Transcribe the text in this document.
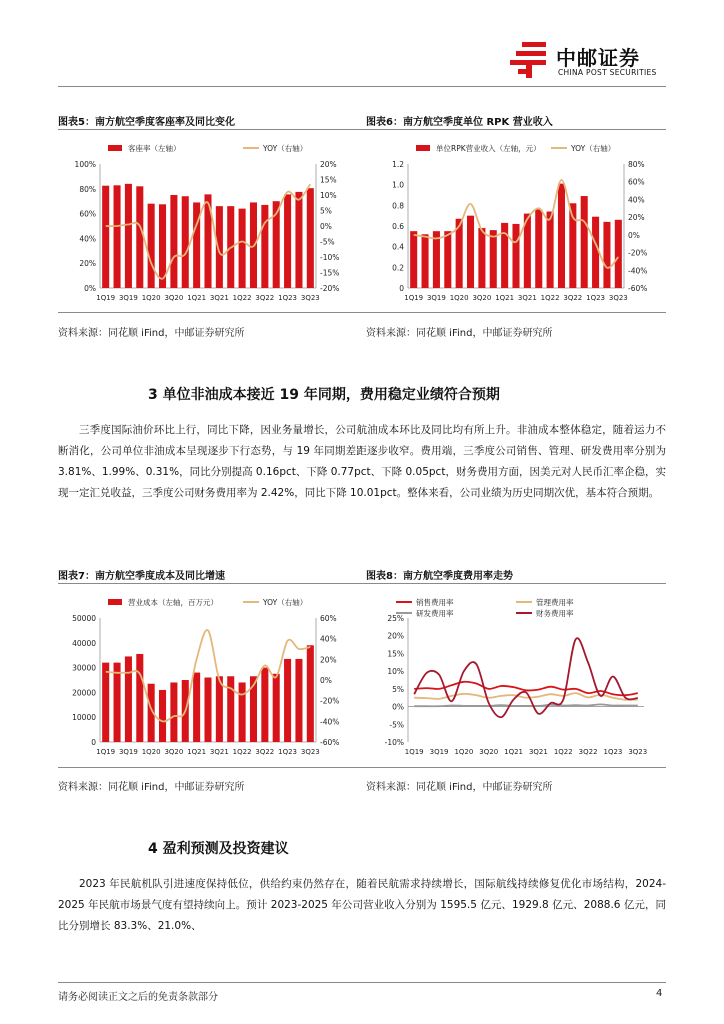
中邮证券
CHINA POST SECURITIES
图表5：南方航空季度客座率及同比变化	图表6：南方航空季度单位 RPK 营业收入
0%
20%
40%
60%
80%
100%
-20%
-15%
-10%
-5%
0%
5%
10%
15%
20%
1Q19 3Q19 1Q20 3Q20 1Q21 3Q21 1Q22 3Q22 1Q23 3Q23
客座率（左轴）	YOY（右轴）
0
0.2
0.4
0.6
0.8
1.0
1.2
-60%
-40%
-20%
0%
20%
40%
60%
80%
1Q19 3Q19 1Q20 3Q20 1Q21 3Q21 1Q22 3Q22 1Q23 3Q23
单位RPK营业收入（左轴，元）	YOY（右轴）
资料来源：同花顺 iFind，中邮证券研究所	资料来源：同花顺 iFind，中邮证券研究所
3 单位非油成本接近 19 年同期，费用稳定业绩符合预期

三季度国际油价环比上行，同比下降，因业务量增长，公司航油成本环比及同比均有所上升。非油成本整体稳定，随着运力不断消化，公司单位非油成本呈现逐步下行态势，与 19 年同期差距逐步收窄。费用端，三季度公司销售、管理、研发费用率分别为 3.81%、1.99%、0.31%，同比分别提高 0.16pct、下降 0.77pct、下降 0.05pct，财务费用方面，因美元对人民币汇率企稳，实现一定汇兑收益，三季度公司财务费用率为 2.42%，同比下降 10.01pct。整体来看，公司业绩为历史同期次优，基本符合预期。

图表7：南方航空季度成本及同比增速	图表8：南方航空季度费用率走势
0
10000
20000
30000
40000
50000
-60%
-40%
-20%
0%
20%
40%
60%
1Q19 3Q19 1Q20 3Q20 1Q21 3Q21 1Q22 3Q22 1Q23 3Q23
营业成本（左轴，百万元）	YOY（右轴）
-10%
-5%
0%
5%
10%
15%
20%
25%
1Q19 3Q19 1Q20 3Q20 1Q21 3Q21 1Q22 3Q22 1Q23 3Q23
销售费用率	管理费用率
研发费用率	财务费用率
资料来源：同花顺 iFind，中邮证券研究所	资料来源：同花顺 iFind，中邮证券研究所
4 盈利预测及投资建议

2023 年民航机队引进速度保持低位，供给约束仍然存在，随着民航需求持续增长，国际航线持续修复优化市场结构，2024-2025 年民航市场景气度有望持续向上。预计 2023-2025 年公司营业收入分别为 1595.5 亿元、1929.8 亿元、2088.6 亿元，同比分别增长 83.3%、21.0%、

请务必阅读正文之后的免责条款部分	4
